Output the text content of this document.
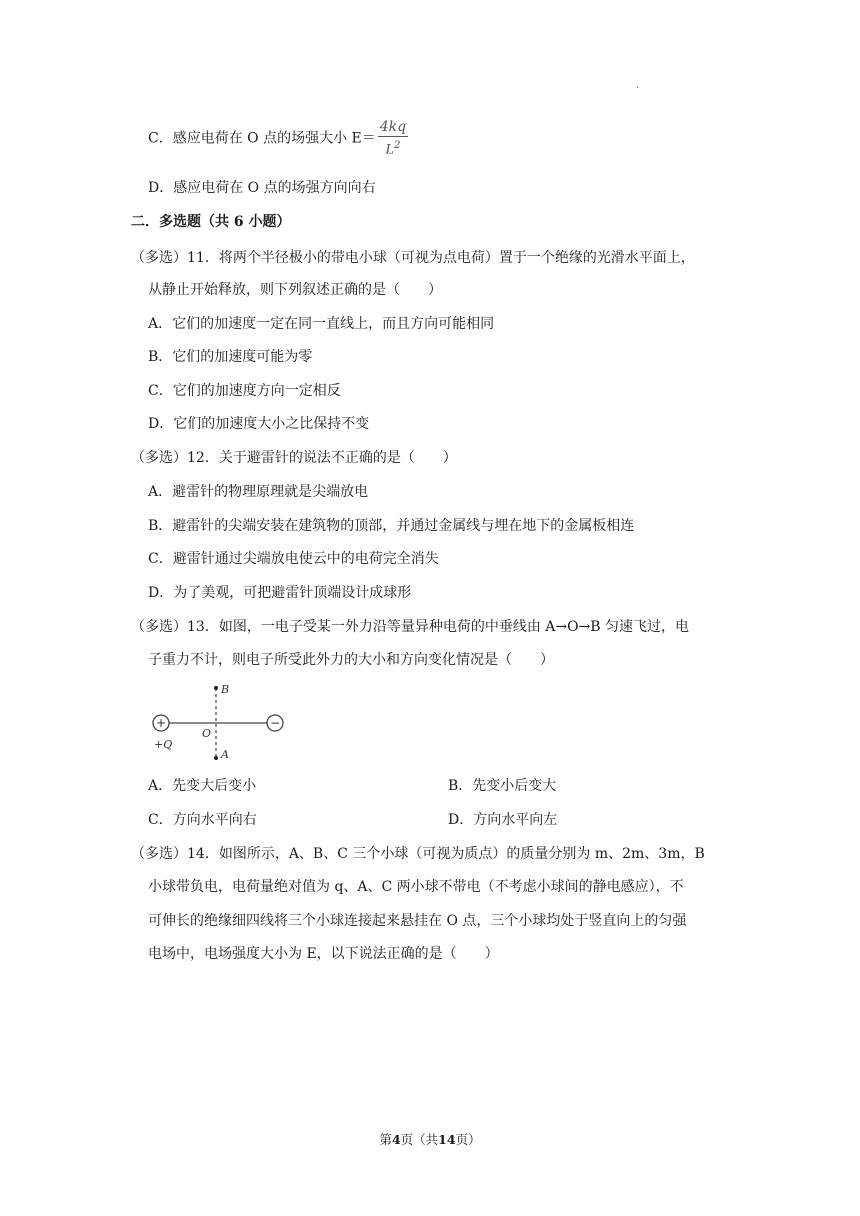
.
C．感应电荷在 O 点的场强大小 $E= \frac{4kq}{L^2}$
D．感应电荷在 O 点的场强方向向右
二．多选题（共 6 小题）
（多选）11．将两个半径极小的带电小球（可视为点电荷）置于一个绝缘的光滑水平面上，
从静止开始释放，则下列叙述正确的是（　　）
A．它们的加速度一定在同一直线上，而且方向可能相同
B．它们的加速度可能为零
C．它们的加速度方向一定相反
D．它们的加速度大小之比保持不变
（多选）12．关于避雷针的说法不正确的是（　　）
A．避雷针的物理原理就是尖端放电
B．避雷针的尖端安装在建筑物的顶部，并通过金属线与埋在地下的金属板相连
C．避雷针通过尖端放电使云中的电荷完全消失
D．为了美观，可把避雷针顶端设计成球形
（多选）13．如图，一电子受某一外力沿等量异种电荷的中垂线由 A→O→B 匀速飞过，电
子重力不计，则电子所受此外力的大小和方向变化情况是（　　）
+	−
B
A
O
+Q
A．先变大后变小	B．先变小后变大
C．方向水平向右	D．方向水平向左
（多选）14．如图所示，A、B、C 三个小球（可视为质点）的质量分别为 m、2m、3m，B
小球带负电，电荷量绝对值为 q、A、C 两小球不带电（不考虑小球间的静电感应），不
可伸长的绝缘细四线将三个小球连接起来悬挂在 O 点，三个小球均处于竖直向上的匀强
电场中，电场强度大小为 E，以下说法正确的是（　　）
第4页（共14页）
